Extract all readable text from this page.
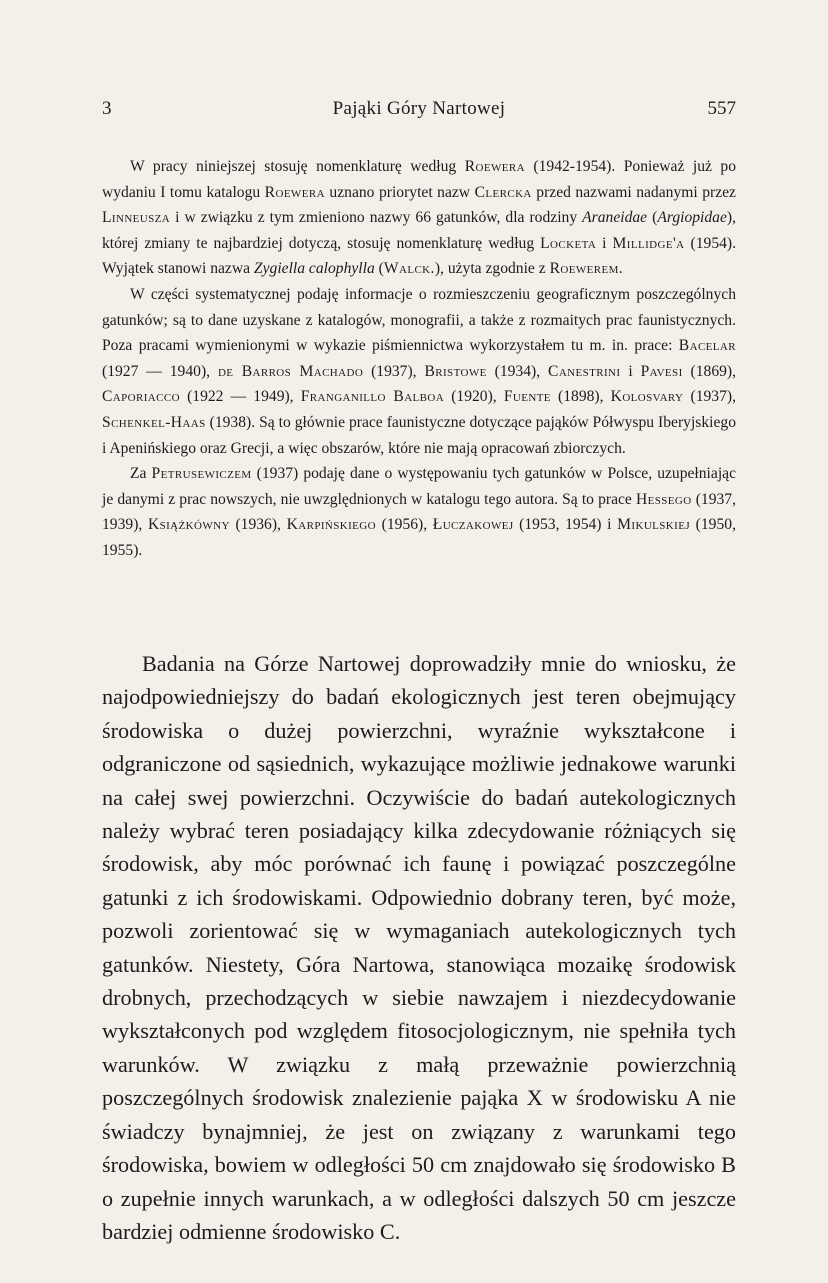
3	Pająki Góry Nartowej	557

W pracy niniejszej stosuję nomenklaturę według Roewera (1942-1954). Ponieważ już po wydaniu I tomu katalogu Roewera uznano priorytet nazw Clercka przed nazwami nadanymi przez Linneusza i w związku z tym zmieniono nazwy 66 gatunków, dla rodziny Araneidae (Argiopidae), której zmiany te najbardziej dotyczą, stosuję nomenklaturę według Locketa i Millidge'a (1954). Wyjątek stanowi nazwa Zygiella calophylla (Walck.), użyta zgodnie z Roewerem.

W części systematycznej podaję informacje o rozmieszczeniu geograficznym poszczególnych gatunków; są to dane uzyskane z katalogów, monografii, a także z rozmaitych prac faunistycznych. Poza pracami wymienionymi w wykazie piśmiennictwa wykorzystałem tu m. in. prace: Bacelar (1927 — 1940), de Barros Machado (1937), Bristowe (1934), Canestrini i Pavesi (1869), Caporiacco (1922 — 1949), Franganillo Balboa (1920), Fuente (1898), Kolosvary (1937), Schenkel-Haas (1938). Są to głównie prace faunistyczne dotyczące pająków Półwyspu Iberyjskiego i Apenińskiego oraz Grecji, a więc obszarów, które nie mają opracowań zbiorczych.

Za Petrusewiczem (1937) podaję dane o występowaniu tych gatunków w Polsce, uzupełniając je danymi z prac nowszych, nie uwzględnionych w katalogu tego autora. Są to prace Hessego (1937, 1939), Książkówny (1936), Karpińskiego (1956), Łuczakowej (1953, 1954) i Mikulskiej (1950, 1955).

Badania na Górze Nartowej doprowadziły mnie do wniosku, że najodpowiedniejszy do badań ekologicznych jest teren obejmujący środowiska o dużej powierzchni, wyraźnie wykształcone i odgraniczone od sąsiednich, wykazujące możliwie jednakowe warunki na całej swej powierzchni. Oczywiście do badań autekologicznych należy wybrać teren posiadający kilka zdecydowanie różniących się środowisk, aby móc porównać ich faunę i powiązać poszczególne gatunki z ich środowiskami. Odpowiednio dobrany teren, być może, pozwoli zorientować się w wymaganiach autekologicznych tych gatunków. Niestety, Góra Nartowa, stanowiąca mozaikę środowisk drobnych, przechodzących w siebie nawzajem i niezdecydowanie wykształconych pod względem fitosocjologicznym, nie spełniła tych warunków. W związku z małą przeważnie powierzchnią poszczególnych środowisk znalezienie pająka X w środowisku A nie świadczy bynajmniej, że jest on związany z warunkami tego środowiska, bowiem w odległości 50 cm znajdowało się środowisko B o zupełnie innych warunkach, a w odległości dalszych 50 cm jeszcze bardziej odmienne środowisko C.
